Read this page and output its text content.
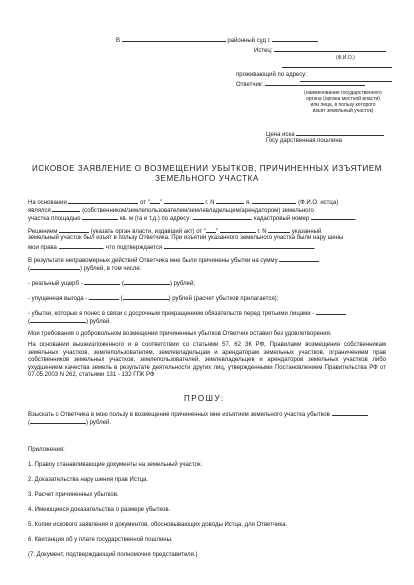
В	районный суд г.
Истец:
(Ф.И.О.)
проживающий по адресу:
Ответчик:
(наименование государственного
органа (органа местной власти)
или лица, в пользу которого
изъят земельный участок)
Цена иска
Госу дарственная пошлина
ИСКОВОЕ ЗАЯВЛЕНИЕ О ВОЗМЕЩЕНИИ УБЫТКОВ, ПРИЧИНЕННЫХ ИЗЪЯТИЕМ
ЗЕМЕЛЬНОГО УЧАСТКА
На основании	от " "	г. N	я,	(Ф.И.О. истца)
являлся	(собственником/землепользователем/землевладельцем/арендатором) земельного
участка площадью	кв. м (га и т.д.) по адресу:	, кадастровый номер	.
Решением	(указать орган власти, издавший акт) от " "	г. N	указанный
земельный участок был изъят в пользу Ответчика. При изъятии указанного земельного участка были нару шены
мои права	, что подтверждается	.
В результате неправомерных действий Ответчика мне были причинены убытки на сумму
(	) рублей, в том числе:
- реальный ущерб -	(	) рублей;
- упущенная выгода -	(	) рублей (расчет убытков прилагается);
- убытки, которые я понес в связи с досрочным прекращением обязательств перед третьими лицами -
(	) рублей.
Мои требования о добровольном возмещении причиненных убытков Ответчик оставил без удовлетворения.
На основании вышеизложенного и в соответствии со статьями 57, 62 ЗК РФ, Правилами возмещения собственникам земельных участков, землепользователям, землевладельцам и арендаторам земельных участков, ограничением прав собственников земельных участков, землепользователей, землевладельцев и арендаторов земельных участков либо ухудшением качества земель в результате деятельности других лиц, утвержденными Постановлением Правительства РФ от 07.05.2003 N 262, статьями 131 - 132 ГПК РФ
ПРОШУ:
Взыскать с Ответчика в мою пользу в возмещение причиненных мне изъятием земельного участка убытков
(	) рублей.
Приложения:
1. Правоу станавливающие документы на земельный участок.
2. Доказательства нару шения прав Истца.
3. Расчет причиненных убытков.
4. Имеющиеся доказательства о размере убытков.
5. Копии искового заявления и документов, обосновывающих доводы Истца, для Ответчика.
6. Квитанция об у плате государственной пошлины.
(7. Документ, подтверждающий полномочия представителя.)
